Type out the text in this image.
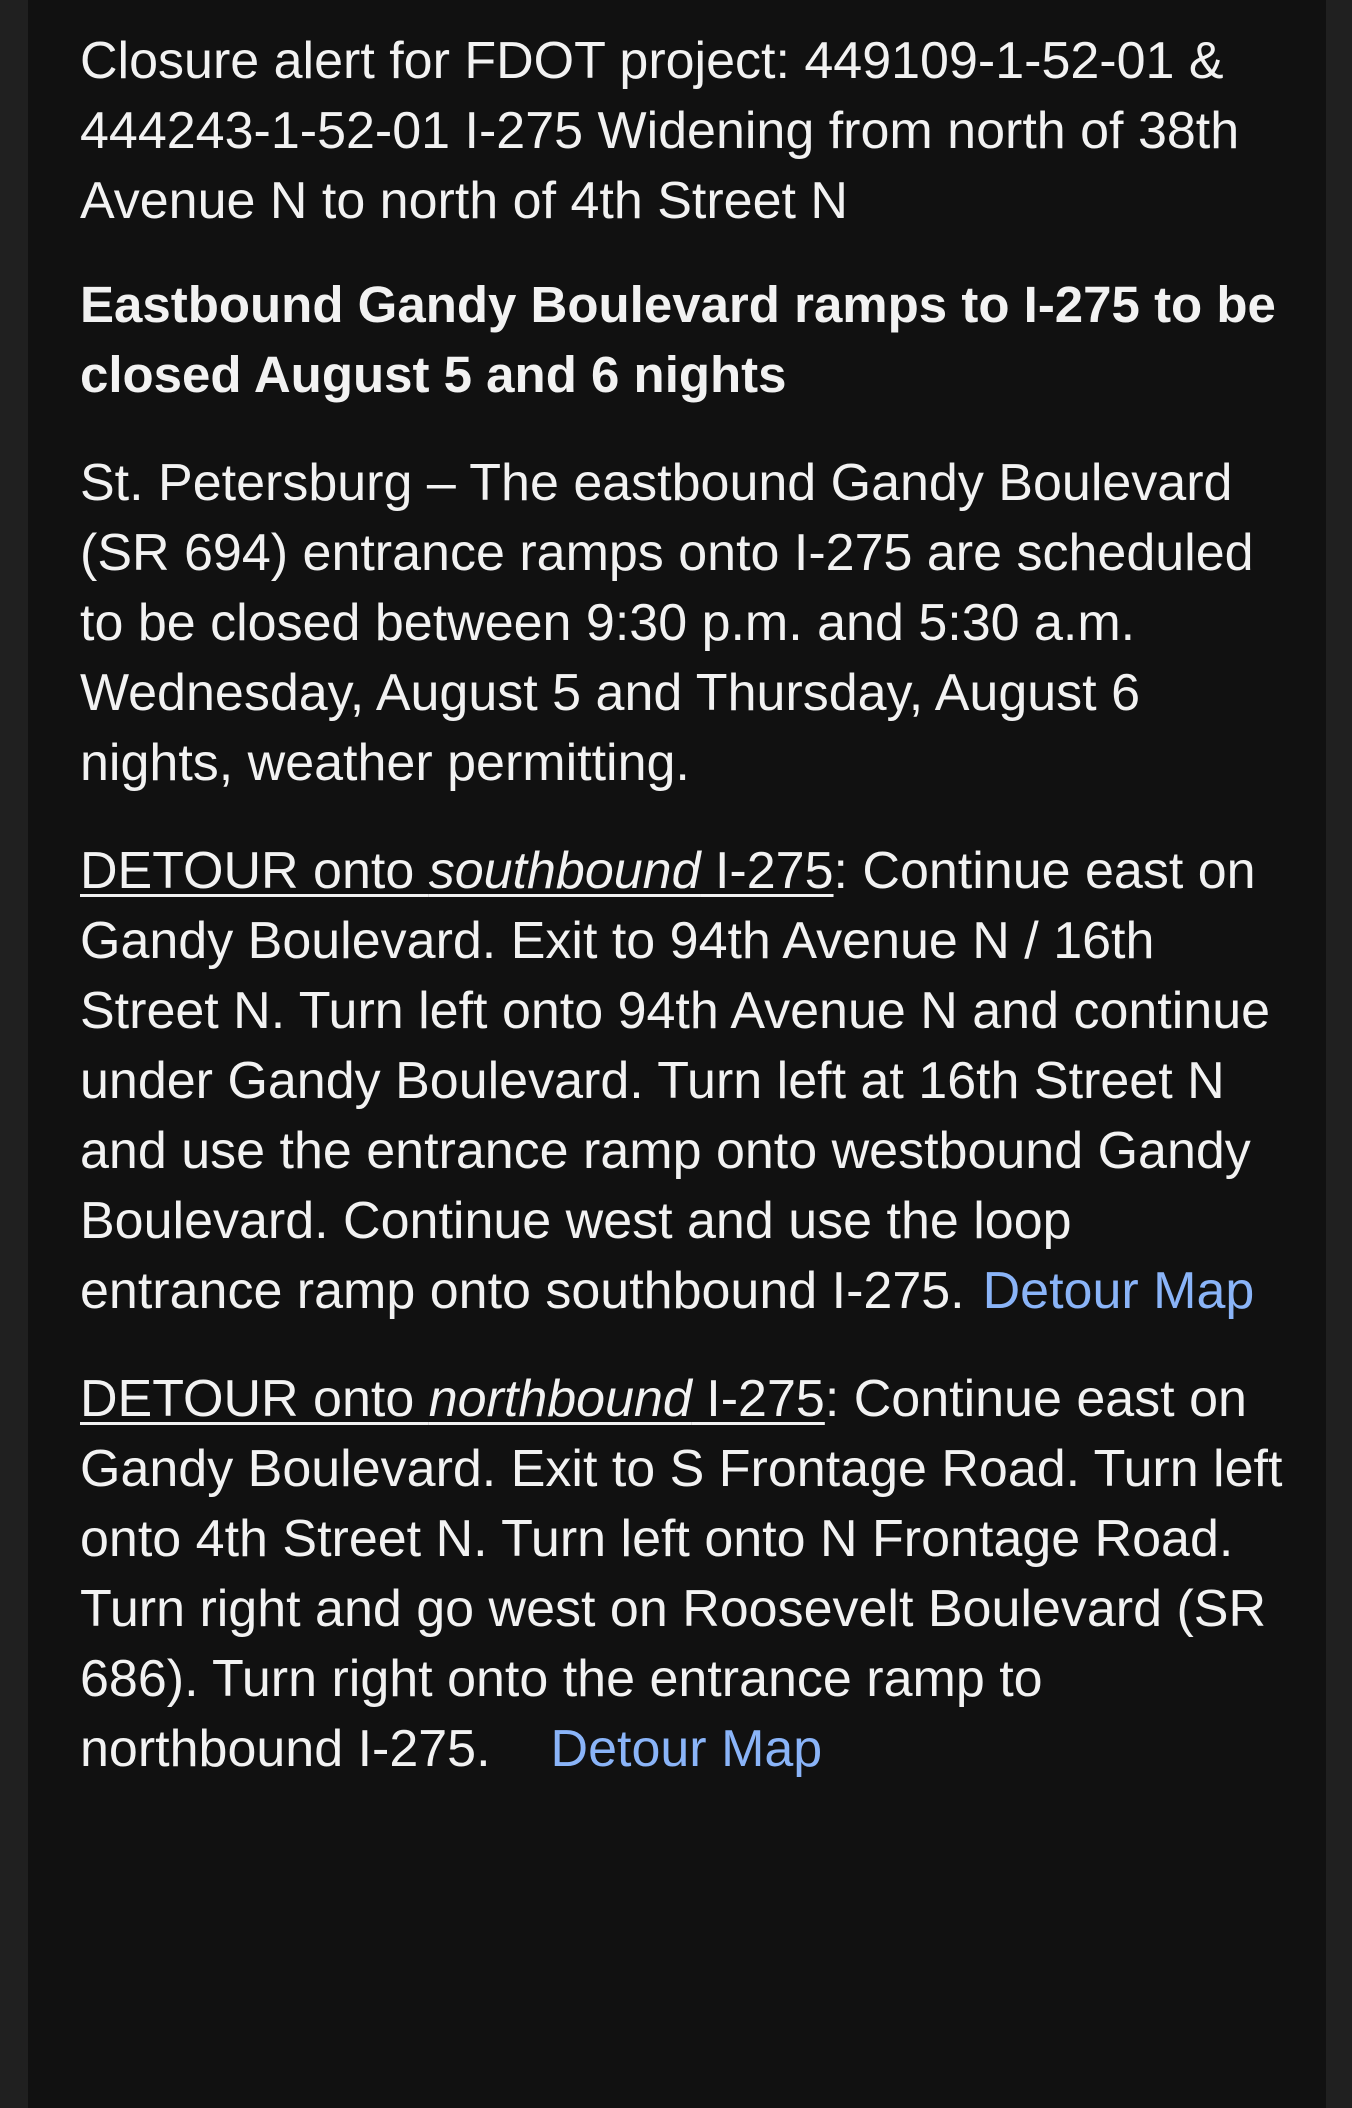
Closure alert for FDOT project: 449109-1-52-01 & 444243-1-52-01 I-275 Widening from north of 38th Avenue N to north of 4th Street N

Eastbound Gandy Boulevard ramps to I-275 to be closed August 5 and 6 nights

St. Petersburg – The eastbound Gandy Boulevard (SR 694) entrance ramps onto I-275 are scheduled to be closed between 9:30 p.m. and 5:30 a.m. Wednesday, August 5 and Thursday, August 6 nights, weather permitting.

DETOUR onto southbound I-275: Continue east on Gandy Boulevard. Exit to 94th Avenue N / 16th Street N. Turn left onto 94th Avenue N and continue under Gandy Boulevard. Turn left at 16th Street N and use the entrance ramp onto westbound Gandy Boulevard. Continue west and use the loop entrance ramp onto southbound I-275. Detour Map

DETOUR onto northbound I-275: Continue east on Gandy Boulevard. Exit to S Frontage Road. Turn left onto 4th Street N. Turn left onto N Frontage Road. Turn right and go west on Roosevelt Boulevard (SR 686). Turn right onto the entrance ramp to northbound I-275. Detour Map
